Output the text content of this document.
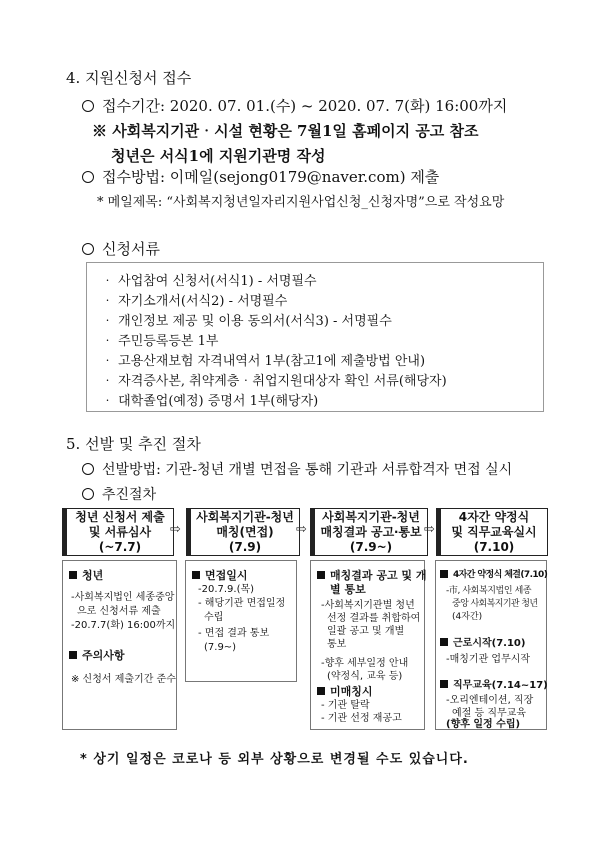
4. 지원신청서 접수
접수기간: 2020. 07. 01.(수) ~ 2020. 07. 7(화) 16:00까지
※ 사회복지기관‧시설 현황은 7월1일 홈페이지 공고 참조
청년은 서식1에 지원기관명 작성
접수방법: 이메일(sejong0179@naver.com) 제출
* 메일제목: “사회복지청년일자리지원사업신청_신청자명”으로 작성요망
신청서류
‧ 사업참여 신청서(서식1) - 서명필수
‧ 자기소개서(서식2) - 서명필수
‧ 개인정보 제공 및 이용 동의서(서식3) - 서명필수
‧ 주민등록등본 1부
‧ 고용산재보험 자격내역서 1부(참고1에 제출방법 안내)
‧ 자격증사본, 취약계층‧취업지원대상자 확인 서류(해당자)
‧ 대학졸업(예정) 증명서 1부(해당자)
5. 선발 및 추진 절차
선발방법: 기관-청년 개별 면접을 통해 기관과 서류합격자 면접 실시
추진절차
청년 신청서 제출
및 서류심사
(~7.7)
⇨
사회복지기관-청년
매칭(면접)
(7.9)
⇨
사회복지기관-청년
매칭결과 공고‧통보
(7.9~)
⇨
4자간 약정식
및 직무교육실시
(7.10)
청년
-사회복지법인 세종중앙
으로 신청서류 제출
-20.7.7(화) 16:00까지
주의사항
※ 신청서 제출기간 준수
면접일시
-20.7.9.(목)
- 해당기관 면접일정
수립
- 면접 결과 통보
(7.9~)
매칭결과 공고 및 개
별 통보
-사회복지기관별 청년
선정 결과를 취합하여
일괄 공고 및 개별
통보
-향후 세부일정 안내
(약정식, 교육 등)
미매칭시
- 기관 탈락
- 기관 선정 재공고
4자간 약정식 체결(7.10)
-市, 사회복지법인 세종
중앙 사회복지기관 청년
(4자간)
근로시작(7.10)
-매칭기관 업무시작
직무교육(7.14~17)
-오리엔테이션, 직장
예절 등 직무교육
(향후 일정 수립)
* 상기 일정은 코로나 등 외부 상황으로 변경될 수도 있습니다.
